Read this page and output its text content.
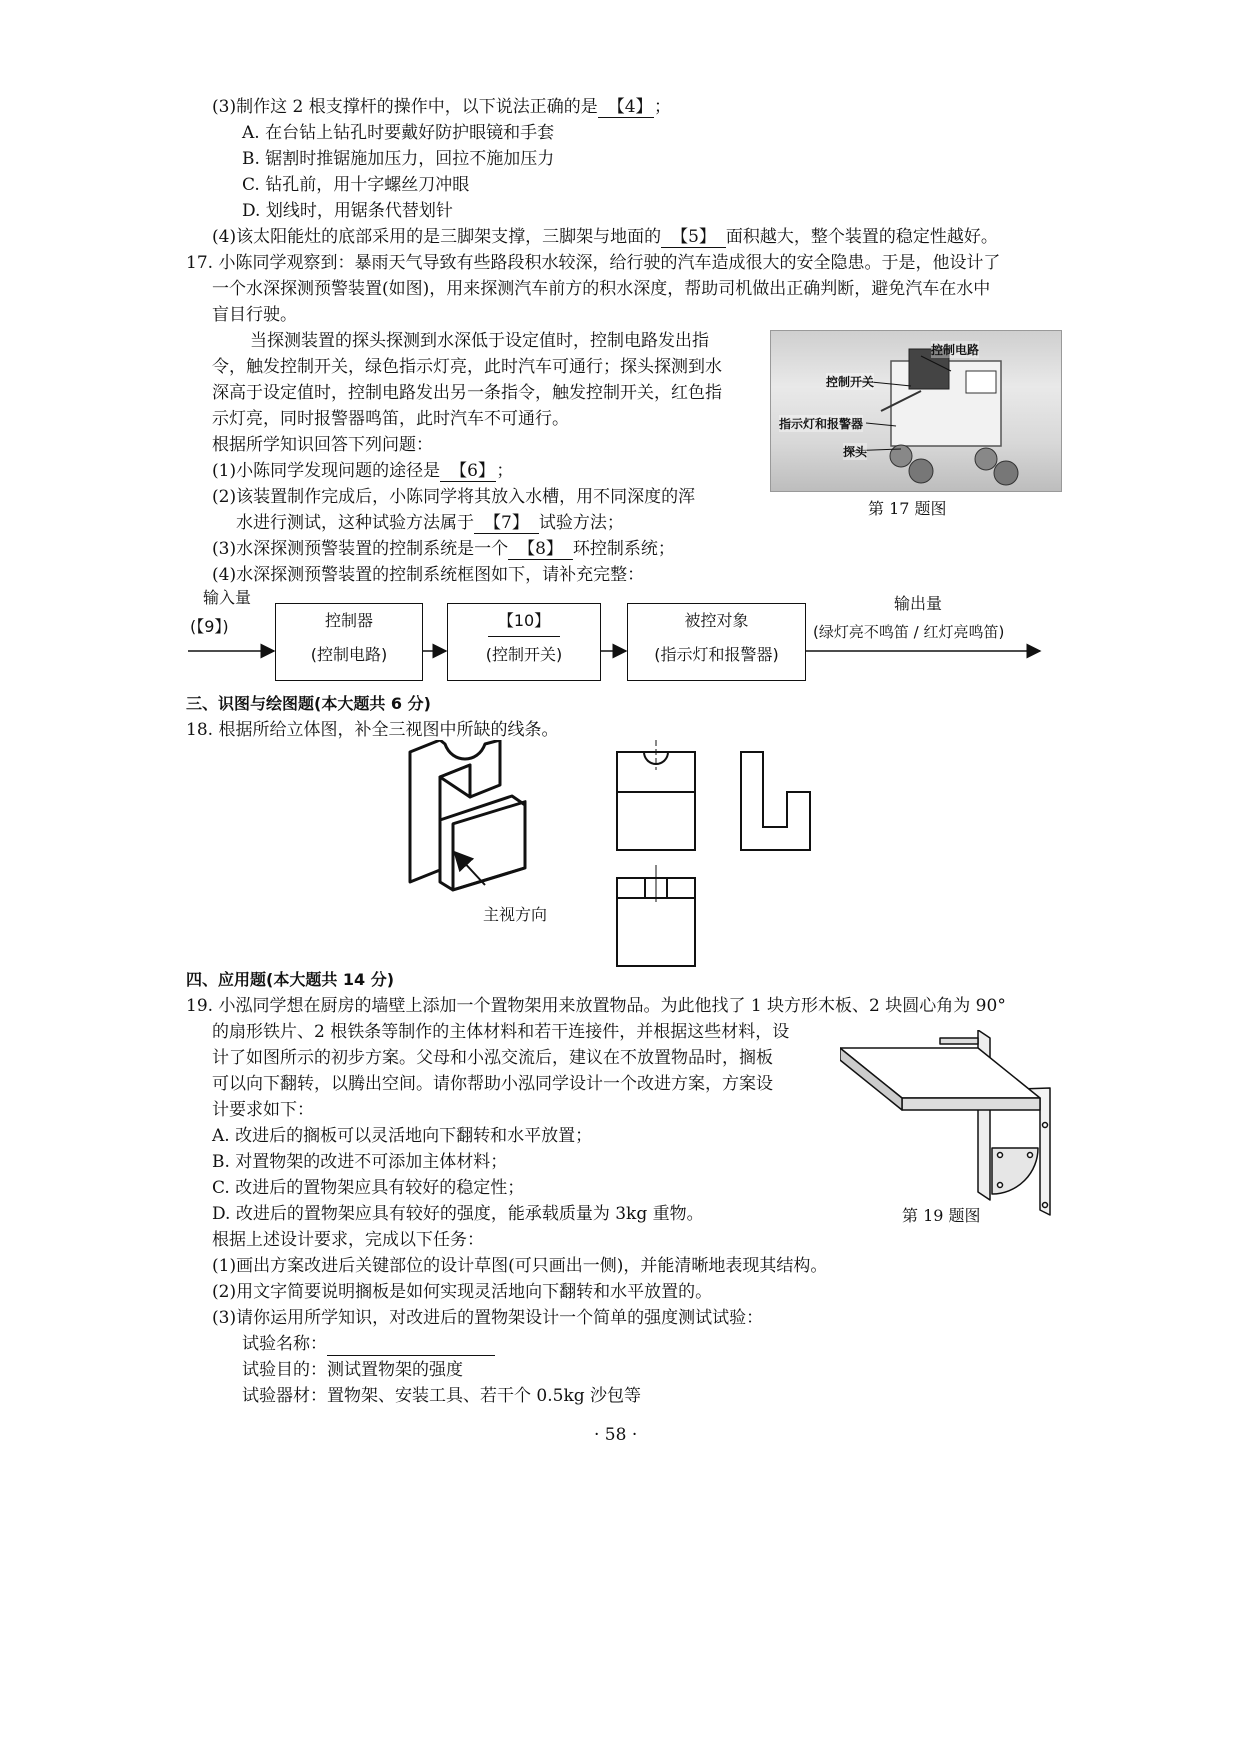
(3)制作这 2 根支撑杆的操作中，以下说法正确的是 【4】 ；
A. 在台钻上钻孔时要戴好防护眼镜和手套
B. 锯割时推锯施加压力，回拉不施加压力
C. 钻孔前，用十字螺丝刀冲眼
D. 划线时，用锯条代替划针
(4)该太阳能灶的底部采用的是三脚架支撑，三脚架与地面的 【5】 面积越大，整个装置的稳定性越好。
17. 小陈同学观察到：暴雨天气导致有些路段积水较深，给行驶的汽车造成很大的安全隐患。于是，他设计了
一个水深探测预警装置(如图)，用来探测汽车前方的积水深度，帮助司机做出正确判断，避免汽车在水中
盲目行驶。
当探测装置的探头探测到水深低于设定值时，控制电路发出指
令，触发控制开关，绿色指示灯亮，此时汽车可通行；探头探测到水
深高于设定值时，控制电路发出另一条指令，触发控制开关，红色指
示灯亮，同时报警器鸣笛，此时汽车不可通行。
根据所学知识回答下列问题：
(1)小陈同学发现问题的途径是 【6】 ；
(2)该装置制作完成后，小陈同学将其放入水槽，用不同深度的浑
水进行测试，这种试验方法属于 【7】 试验方法；
(3)水深探测预警装置的控制系统是一个 【8】 环控制系统；
(4)水深探测预警装置的控制系统框图如下，请补充完整：
控制电路
控制开关
指示灯和报警器
探头
第 17 题图
输入量
(【9】)
输出量
(绿灯亮不鸣笛 / 红灯亮鸣笛)
控制器
(控制电路)
【10】
(控制开关)
被控对象
(指示灯和报警器)
三、识图与绘图题(本大题共 6 分)
18. 根据所给立体图，补全三视图中所缺的线条。
主视方向
四、应用题(本大题共 14 分)
19. 小泓同学想在厨房的墙壁上添加一个置物架用来放置物品。为此他找了 1 块方形木板、2 块圆心角为 90°
的扇形铁片、2 根铁条等制作的主体材料和若干连接件，并根据这些材料，设
计了如图所示的初步方案。父母和小泓交流后，建议在不放置物品时，搁板
可以向下翻转，以腾出空间。请你帮助小泓同学设计一个改进方案，方案设
计要求如下：
A. 改进后的搁板可以灵活地向下翻转和水平放置；
B. 对置物架的改进不可添加主体材料；
C. 改进后的置物架应具有较好的稳定性；
D. 改进后的置物架应具有较好的强度，能承载质量为 3kg 重物。
根据上述设计要求，完成以下任务：
(1)画出方案改进后关键部位的设计草图(可只画出一侧)，并能清晰地表现其结构。
(2)用文字简要说明搁板是如何实现灵活地向下翻转和水平放置的。
(3)请你运用所学知识，对改进后的置物架设计一个简单的强度测试试验：
试验名称：
试验目的：测试置物架的强度
试验器材：置物架、安装工具、若干个 0.5kg 沙包等
第 19 题图
· 58 ·
